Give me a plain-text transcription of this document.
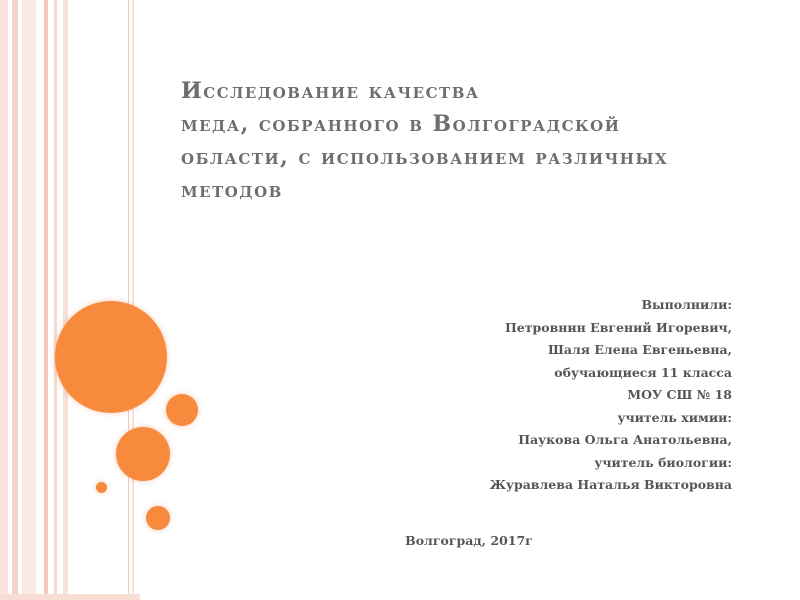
Исследование качества
меда, собранного в Волгоградской
области, с использованием различных
методов
Выполнили:
Петровнин Евгений Игоревич,
Шаля Елена Евгеньевна,
обучающиеся 11 класса
МОУ СШ № 18
учитель химии:
Паукова Ольга Анатольевна,
учитель биологии:
Журавлева Наталья Викторовна
Волгоград, 2017г
